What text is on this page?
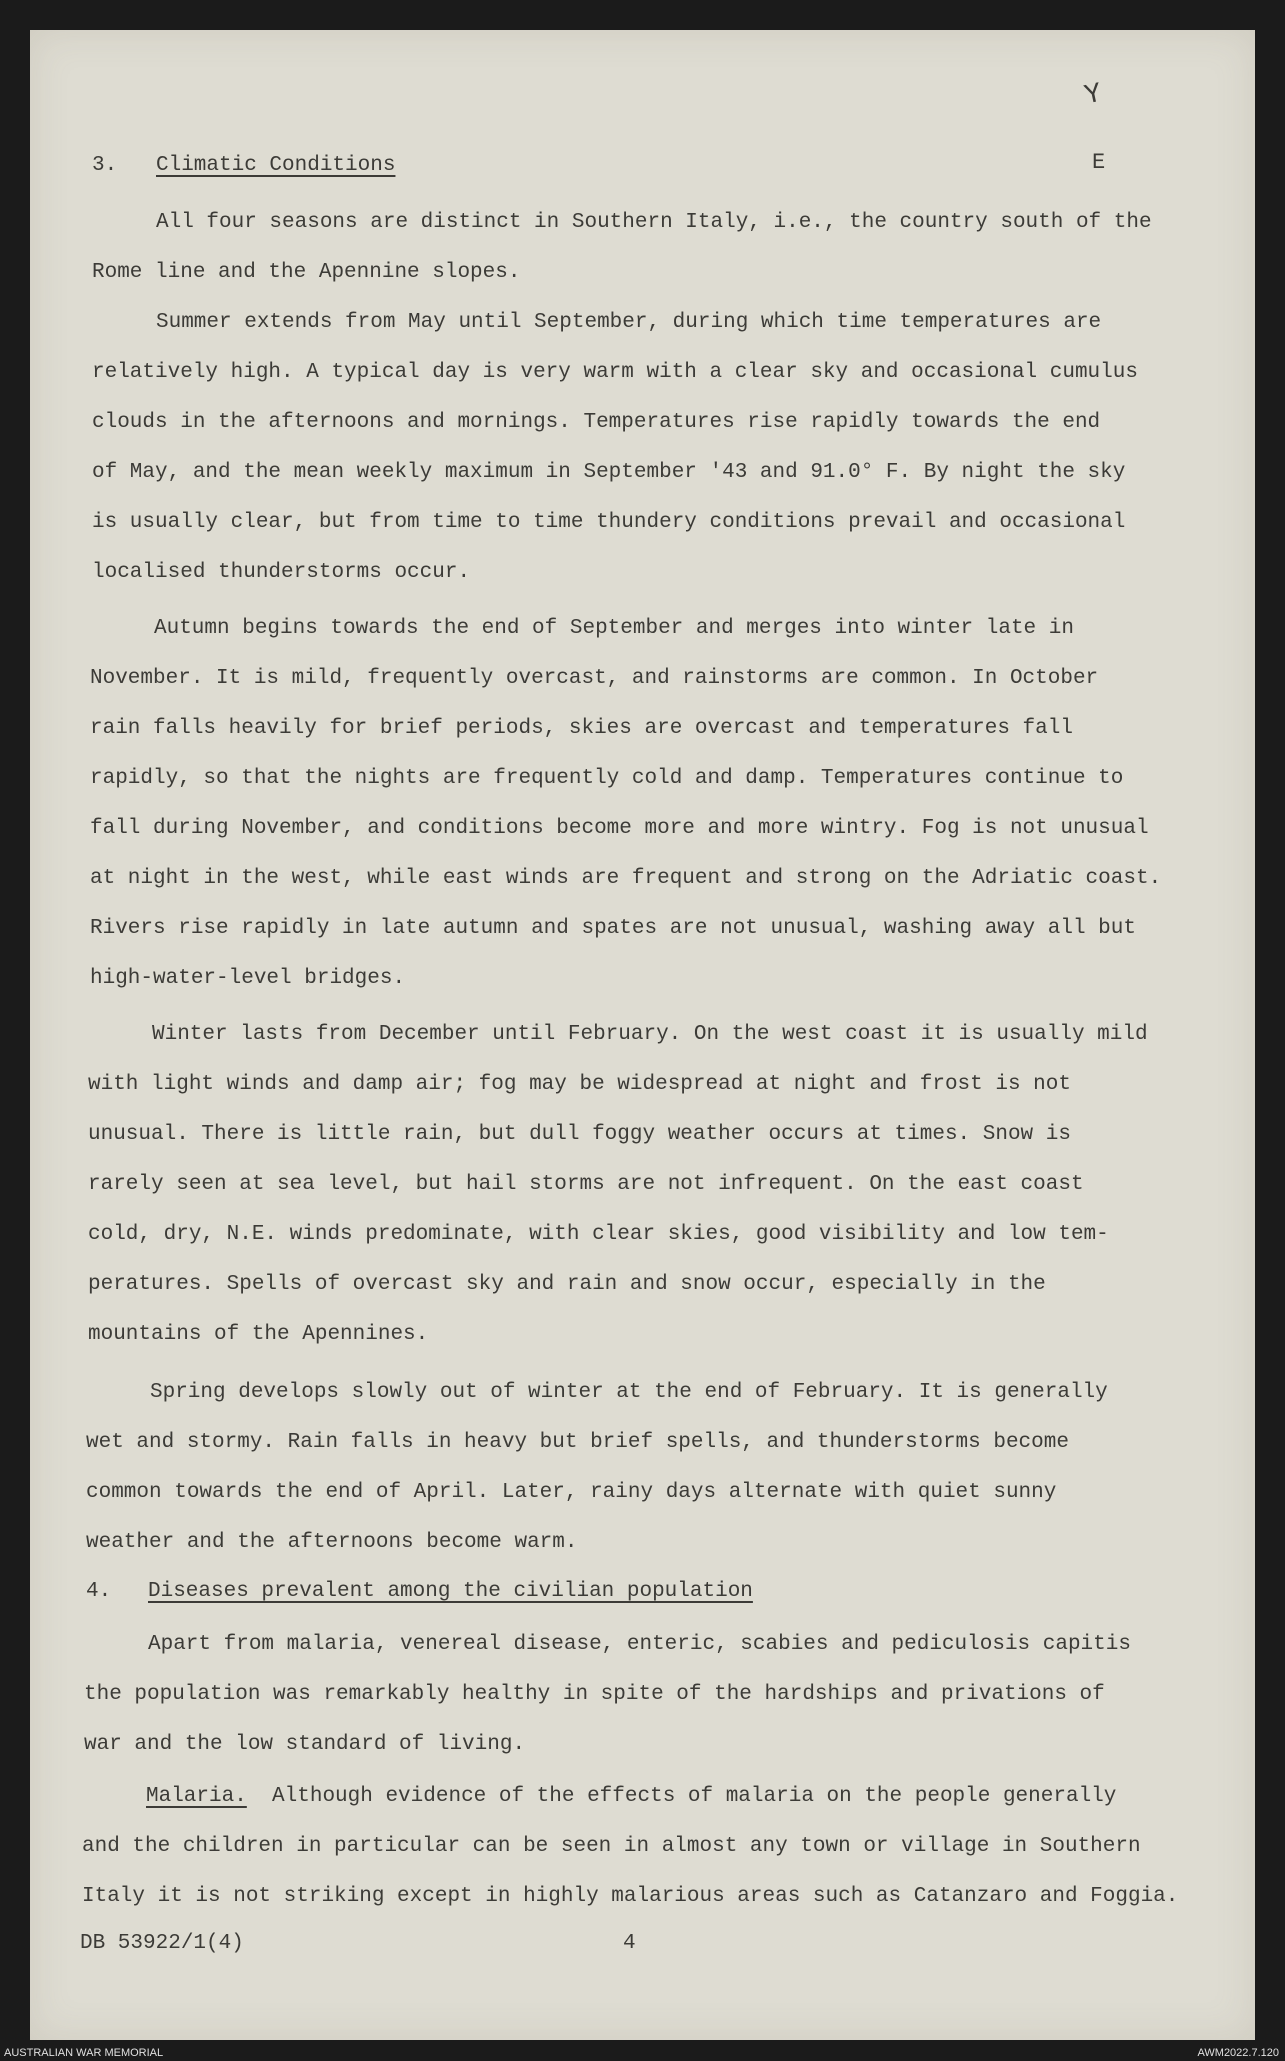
Y
E
3. Climatic Conditions
All four seasons are distinct in Southern Italy, i.e., the country south of the
Rome line and the Apennine slopes.
Summer extends from May until September, during which time temperatures are
relatively high. A typical day is very warm with a clear sky and occasional cumulus
clouds in the afternoons and mornings. Temperatures rise rapidly towards the end
of May, and the mean weekly maximum in September '43 and 91.0° F. By night the sky
is usually clear, but from time to time thundery conditions prevail and occasional
localised thunderstorms occur.
Autumn begins towards the end of September and merges into winter late in
November. It is mild, frequently overcast, and rainstorms are common. In October
rain falls heavily for brief periods, skies are overcast and temperatures fall
rapidly, so that the nights are frequently cold and damp. Temperatures continue to
fall during November, and conditions become more and more wintry. Fog is not unusual
at night in the west, while east winds are frequent and strong on the Adriatic coast.
Rivers rise rapidly in late autumn and spates are not unusual, washing away all but
high-water-level bridges.
Winter lasts from December until February. On the west coast it is usually mild
with light winds and damp air; fog may be widespread at night and frost is not
unusual. There is little rain, but dull foggy weather occurs at times. Snow is
rarely seen at sea level, but hail storms are not infrequent. On the east coast
cold, dry, N.E. winds predominate, with clear skies, good visibility and low tem-
peratures. Spells of overcast sky and rain and snow occur, especially in the
mountains of the Apennines.
Spring develops slowly out of winter at the end of February. It is generally
wet and stormy. Rain falls in heavy but brief spells, and thunderstorms become
common towards the end of April. Later, rainy days alternate with quiet sunny
weather and the afternoons become warm.
4. Diseases prevalent among the civilian population
Apart from malaria, venereal disease, enteric, scabies and pediculosis capitis
the population was remarkably healthy in spite of the hardships and privations of
war and the low standard of living.
Malaria.  Although evidence of the effects of malaria on the people generally
and the children in particular can be seen in almost any town or village in Southern
Italy it is not striking except in highly malarious areas such as Catanzaro and Foggia.
DB 53922/1(4)	4
AUSTRALIAN WAR MEMORIAL	AWM2022.7.120
